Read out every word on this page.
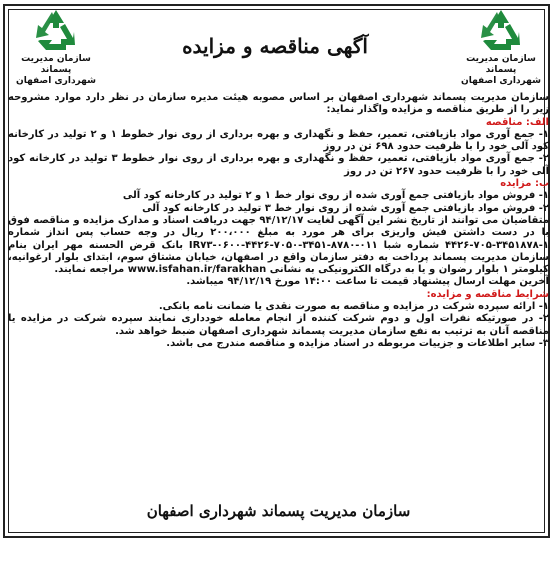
سازمان مدیریت پسماند
شهرداری اصفهان
سازمان مدیریت پسماند
شهرداری اصفهان
آگهی مناقصه و مزایده

سازمان مدیریت پسماند شهرداری اصفهان بر اساس مصوبه هیئت مدیره سازمان در نظر دارد موارد مشروحه زیر را از طریق مناقصه و مزایده واگذار نماید:

الف: مناقصه

۱- جمع آوری مواد بازیافتی، تعمیر، حفظ و نگهداری و بهره برداری از روی نوار خطوط ۱ و ۲ تولید در کارخانه کود آلی خود را با ظرفیت حدود ۶۹۸ تن در روز

۲- جمع آوری مواد بازیافتی، تعمیر، حفظ و نگهداری و بهره برداری از روی نوار خطوط ۳ تولید در کارخانه کود آلی خود را با ظرفیت حدود ۲۶۷ تن در روز

ب: مزایده

۱- فروش مواد بازیافتی جمع آوری شده از روی نوار خط ۱ و ۲ تولید در کارخانه کود آلی

۲- فروش مواد بازیافتی جمع آوری شده از روی نوار خط ۳ تولید در کارخانه کود آلی

متقاضیان می توانند از تاریخ نشر این آگهی لغایت ۹۴/۱۲/۱۷ جهت دریافت اسناد و مدارک مزایده و مناقصه فوق با در دست داشتن فیش واریزی برای هر مورد به مبلغ ۲۰۰،۰۰۰ ریال در وجه حساب پس انداز شماره ۱-۳۴۵۱۸۷۸-۷۰۵-۴۴۲۶ شماره شبا IR۷۳-۰۶۰۰-۴۴۲۶-۷۰۵۰-۳۴۵۱-۸۷۸۰-۰۱۱ بانک قرض الحسنه مهر ایران بنام سازمان مدیریت پسماند پرداخت به دفتر سازمان واقع در اصفهان، خیابان مشتاق سوم، ابتدای بلوار ارغوانیه، کیلومتر ۱ بلوار رضوان و یا به درگاه الکترونیکی به نشانی www.isfahan.ir/farakhan مراجعه نمایند.

آخرین مهلت ارسال پیشنهاد قیمت تا ساعت ۱۴:۰۰ مورخ ۹۴/۱۲/۱۹ میباشد.

شرایط مناقصه و مزایده:

۱- ارائه سپرده شرکت در مزایده و مناقصه به صورت نقدی یا ضمانت نامه بانکی.

۲- در صورتیکه نفرات اول و دوم شرکت کننده از انجام معامله خودداری نمایند سپرده شرکت در مزایده یا مناقصه آنان به ترتیب به نفع سازمان مدیریت پسماند شهرداری اصفهان ضبط خواهد شد.

۳- سایر اطلاعات و جزییات مربوطه در اسناد مزایده و مناقصه مندرج می باشد.

سازمان مدیریت پسماند شهرداری اصفهان
